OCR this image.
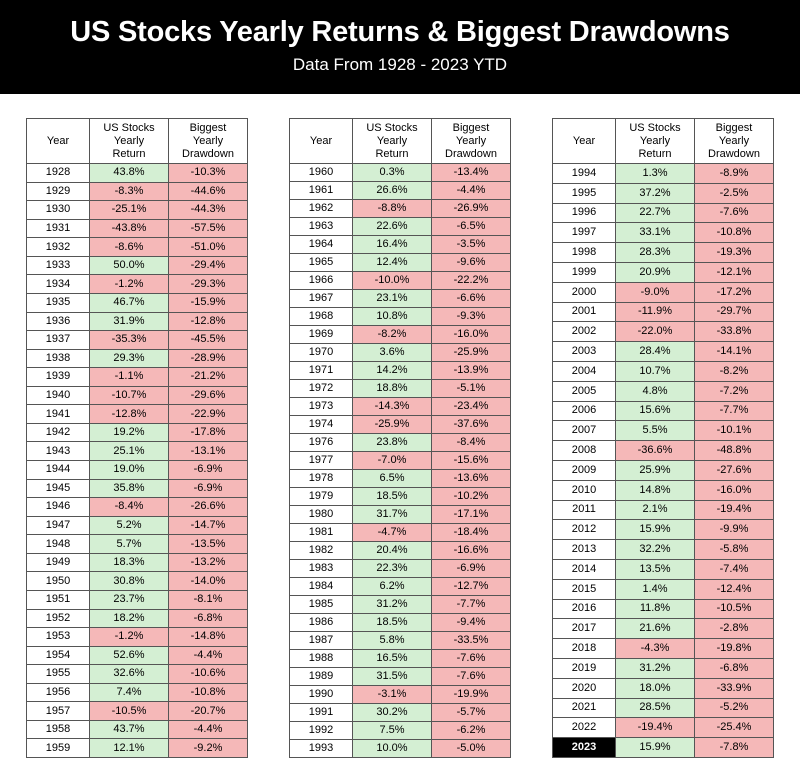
US Stocks Yearly Returns & Biggest Drawdowns
Data From 1928 - 2023 YTD
Year	US Stocks
Yearly
Return	Biggest
Yearly
Drawdown
1928	43.8%	-10.3%
1929	-8.3%	-44.6%
1930	-25.1%	-44.3%
1931	-43.8%	-57.5%
1932	-8.6%	-51.0%
1933	50.0%	-29.4%
1934	-1.2%	-29.3%
1935	46.7%	-15.9%
1936	31.9%	-12.8%
1937	-35.3%	-45.5%
1938	29.3%	-28.9%
1939	-1.1%	-21.2%
1940	-10.7%	-29.6%
1941	-12.8%	-22.9%
1942	19.2%	-17.8%
1943	25.1%	-13.1%
1944	19.0%	-6.9%
1945	35.8%	-6.9%
1946	-8.4%	-26.6%
1947	5.2%	-14.7%
1948	5.7%	-13.5%
1949	18.3%	-13.2%
1950	30.8%	-14.0%
1951	23.7%	-8.1%
1952	18.2%	-6.8%
1953	-1.2%	-14.8%
1954	52.6%	-4.4%
1955	32.6%	-10.6%
1956	7.4%	-10.8%
1957	-10.5%	-20.7%
1958	43.7%	-4.4%
1959	12.1%	-9.2%
Year	US Stocks
Yearly
Return	Biggest
Yearly
Drawdown
1960	0.3%	-13.4%
1961	26.6%	-4.4%
1962	-8.8%	-26.9%
1963	22.6%	-6.5%
1964	16.4%	-3.5%
1965	12.4%	-9.6%
1966	-10.0%	-22.2%
1967	23.1%	-6.6%
1968	10.8%	-9.3%
1969	-8.2%	-16.0%
1970	3.6%	-25.9%
1971	14.2%	-13.9%
1972	18.8%	-5.1%
1973	-14.3%	-23.4%
1974	-25.9%	-37.6%
1976	23.8%	-8.4%
1977	-7.0%	-15.6%
1978	6.5%	-13.6%
1979	18.5%	-10.2%
1980	31.7%	-17.1%
1981	-4.7%	-18.4%
1982	20.4%	-16.6%
1983	22.3%	-6.9%
1984	6.2%	-12.7%
1985	31.2%	-7.7%
1986	18.5%	-9.4%
1987	5.8%	-33.5%
1988	16.5%	-7.6%
1989	31.5%	-7.6%
1990	-3.1%	-19.9%
1991	30.2%	-5.7%
1992	7.5%	-6.2%
1993	10.0%	-5.0%
Year	US Stocks
Yearly
Return	Biggest
Yearly
Drawdown
1994	1.3%	-8.9%
1995	37.2%	-2.5%
1996	22.7%	-7.6%
1997	33.1%	-10.8%
1998	28.3%	-19.3%
1999	20.9%	-12.1%
2000	-9.0%	-17.2%
2001	-11.9%	-29.7%
2002	-22.0%	-33.8%
2003	28.4%	-14.1%
2004	10.7%	-8.2%
2005	4.8%	-7.2%
2006	15.6%	-7.7%
2007	5.5%	-10.1%
2008	-36.6%	-48.8%
2009	25.9%	-27.6%
2010	14.8%	-16.0%
2011	2.1%	-19.4%
2012	15.9%	-9.9%
2013	32.2%	-5.8%
2014	13.5%	-7.4%
2015	1.4%	-12.4%
2016	11.8%	-10.5%
2017	21.6%	-2.8%
2018	-4.3%	-19.8%
2019	31.2%	-6.8%
2020	18.0%	-33.9%
2021	28.5%	-5.2%
2022	-19.4%	-25.4%
2023	15.9%	-7.8%
